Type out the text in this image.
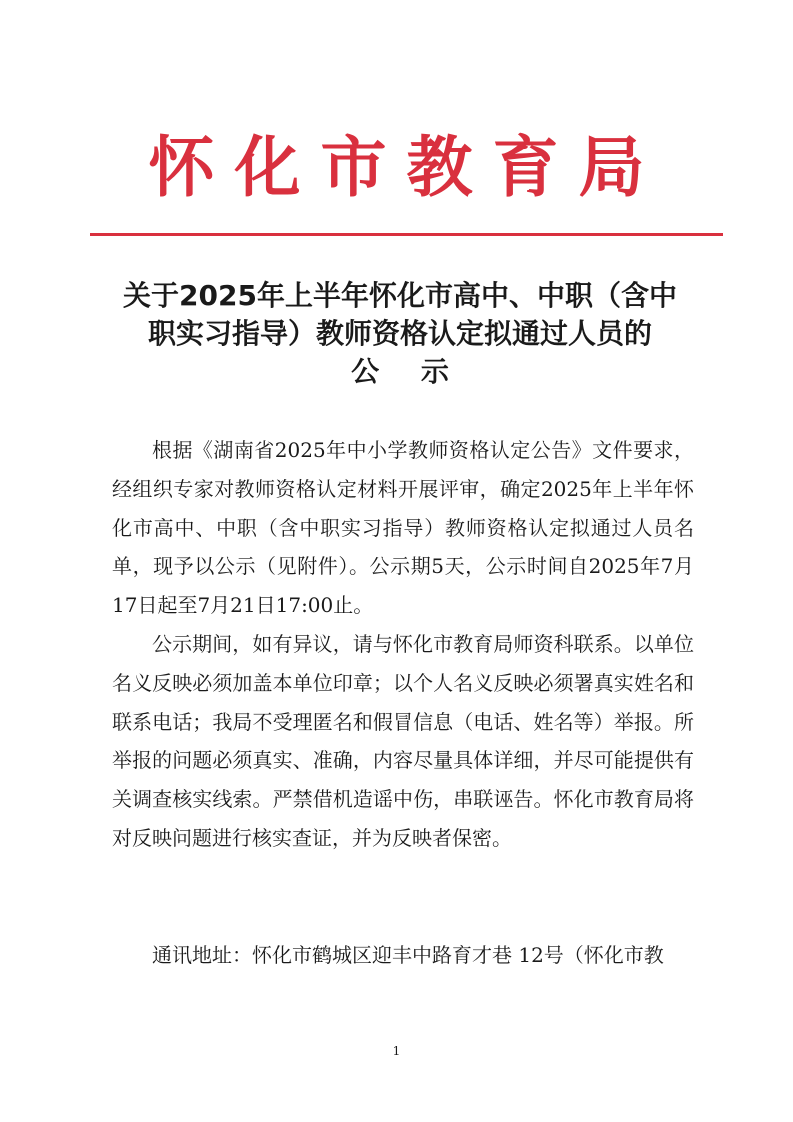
怀化市教育局
关于2025年上半年怀化市高中、中职（含中
职实习指导）教师资格认定拟通过人员的
公 示

根据《湖南省2025年中小学教师资格认定公告》文件要求，经组织专家对教师资格认定材料开展评审，确定2025年上半年怀化市高中、中职（含中职实习指导）教师资格认定拟通过人员名单，现予以公示（见附件）。公示期5天，公示时间自2025年7月17日起至7月21日17:00止。

公示期间，如有异议，请与怀化市教育局师资科联系。以单位名义反映必须加盖本单位印章；以个人名义反映必须署真实姓名和联系电话；我局不受理匿名和假冒信息（电话、姓名等）举报。所举报的问题必须真实、准确，内容尽量具体详细，并尽可能提供有关调查核实线索。严禁借机造谣中伤，串联诬告。怀化市教育局将对反映问题进行核实查证，并为反映者保密。

通讯地址：怀化市鹤城区迎丰中路育才巷 12号（怀化市教
1
